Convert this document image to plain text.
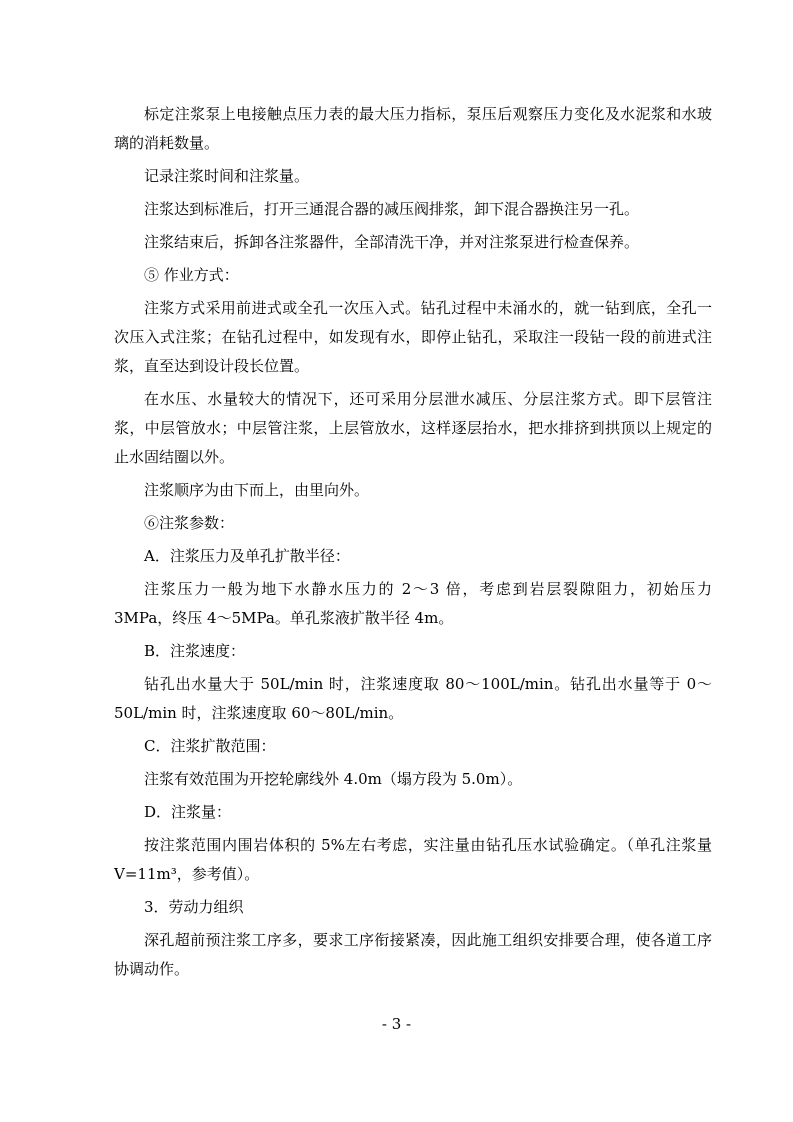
标定注浆泵上电接触点压力表的最大压力指标，泵压后观察压力变化及水泥浆和水玻璃的消耗数量。

记录注浆时间和注浆量。

注浆达到标准后，打开三通混合器的减压阀排浆，卸下混合器换注另一孔。

注浆结束后，拆卸各注浆器件，全部清洗干净，并对注浆泵进行检查保养。

⑤ 作业方式：

注浆方式采用前进式或全孔一次压入式。钻孔过程中未涌水的，就一钻到底，全孔一次压入式注浆；在钻孔过程中，如发现有水，即停止钻孔，采取注一段钻一段的前进式注浆，直至达到设计段长位置。

在水压、水量较大的情况下，还可采用分层泄水减压、分层注浆方式。即下层管注浆，中层管放水；中层管注浆，上层管放水，这样逐层抬水，把水排挤到拱顶以上规定的止水固结圈以外。

注浆顺序为由下而上，由里向外。

⑥注浆参数：

A．注浆压力及单孔扩散半径：

注浆压力一般为地下水静水压力的 2～3 倍，考虑到岩层裂隙阻力，初始压力 3MPa，终压 4～5MPa。单孔浆液扩散半径 4m。

B．注浆速度：

钻孔出水量大于 50L/min 时，注浆速度取 80～100L/min。钻孔出水量等于 0～50L/min 时，注浆速度取 60～80L/min。

C．注浆扩散范围：

注浆有效范围为开挖轮廓线外 4.0m（塌方段为 5.0m）。

D．注浆量：

按注浆范围内围岩体积的 5%左右考虑，实注量由钻孔压水试验确定。（单孔注浆量 V=11m³，参考值）。

3．劳动力组织

深孔超前预注浆工序多，要求工序衔接紧凑，因此施工组织安排要合理，使各道工序协调动作。

- 3 -
